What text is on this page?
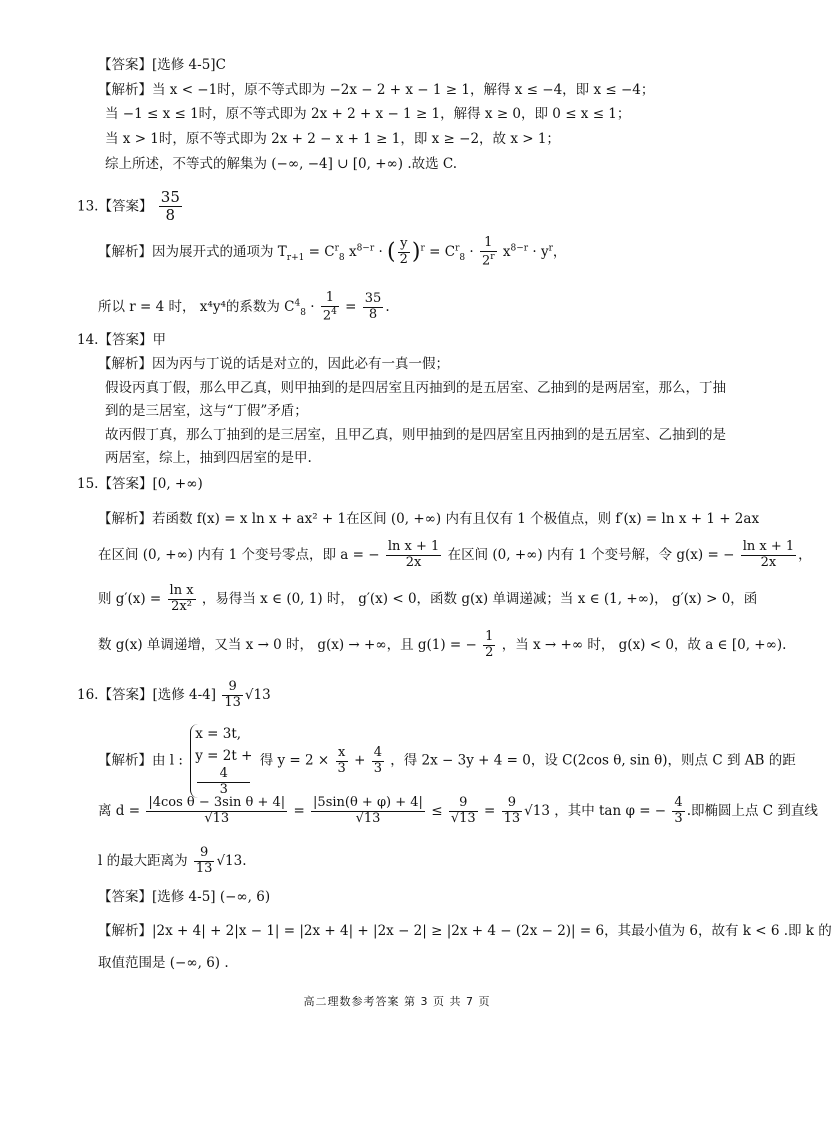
【答案】[选修 4-5]C
【解析】当 x < −1时，原不等式即为 −2x − 2 + x − 1 ≥ 1，解得 x ≤ −4，即 x ≤ −4；
当 −1 ≤ x ≤ 1时，原不等式即为 2x + 2 + x − 1 ≥ 1，解得 x ≥ 0，即 0 ≤ x ≤ 1；
当 x > 1时，原不等式即为 2x + 2 − x + 1 ≥ 1，即 x ≥ −2，故 x > 1；
综上所述，不等式的解集为 (−∞, −4] ∪ [0, +∞) .故选 C.
13.【答案】 $\frac{35}{8}$
【解析】因为展开式的通项为 $T_{r+1} = C^r_8$ $x^{8-r}$ · ( $\frac{y}{2} )^r = C^r_8 \cdot \frac{1}{2^r} x^{8-r} \cdot y^r$，
所以 r = 4 时， x⁴y⁴的系数为 $C^4_8 \cdot \frac{1}{2^4} = \frac{35}{8}$ .
14.【答案】甲
【解析】因为丙与丁说的话是对立的，因此必有一真一假；
假设丙真丁假，那么甲乙真，则甲抽到的是四居室且丙抽到的是五居室、乙抽到的是两居室，那么，丁抽
到的是三居室，这与“丁假”矛盾；
故丙假丁真，那么丁抽到的是三居室，且甲乙真，则甲抽到的是四居室且丙抽到的是五居室、乙抽到的是
两居室，综上，抽到四居室的是甲.
15.【答案】[0, +∞)
【解析】若函数 f(x) = x ln x + ax² + 1在区间 (0, +∞) 内有且仅有 1 个极值点，则 f′(x) = ln x + 1 + 2ax
在区间 (0, +∞) 内有 1 个变号零点，即 a = − $\frac{\text{ln x + 1}}{2x}$ 在区间 (0, +∞) 内有 1 个变号解，令 g(x) = − $\frac{\text{ln x + 1}}{2x}$ ，
则 $g'(x) = \frac{\text{ln x}}{\text{2x²}}$ ，易得当 x ∈ (0, 1) 时， g′(x) < 0，函数 g(x) 单调递减；当 x ∈ (1, +∞)， g′(x) > 0，函
数 g(x) 单调递增，又当 x → 0 时， g(x) → +∞，且 g(1) = − $\frac{1}{2}$ ，当 x → +∞ 时， g(x) < 0，故 a ∈ [0, +∞).
16.【答案】[选修 $4-4] \frac{9}{13} √13$
【解析】由 l :
x = 3t,
y = 2t +
4
3
得 $y = 2 \times \frac{x}{3} + \frac{4}{3}$ ，得 2x − 3y + 4 = 0，设 C(2cos θ, sin θ)，则点 C 到 AB 的距
离 $d = \frac{\text{|4cos θ − 3sin θ + 4|}}{√13} = \frac{|5\sin(\theta + \varphi) + 4|}{√13} \le \frac{9}{√13} = \frac{9}{13} √13$ ，其中 tan φ = − $\frac{4}{3}$ .即椭圆上点 C 到直线
l 的最大距离为 $\frac{9}{13} √13$.
【答案】[选修 4-5] (−∞, 6)
【解析】|2x + 4| + 2|x − 1| = |2x + 4| + |2x − 2| ≥ |2x + 4 − (2x − 2)| = 6，其最小值为 6，故有 k < 6 .即 k 的
取值范围是 (−∞, 6) .
高二理数参考答案 第 3 页 共 7 页
